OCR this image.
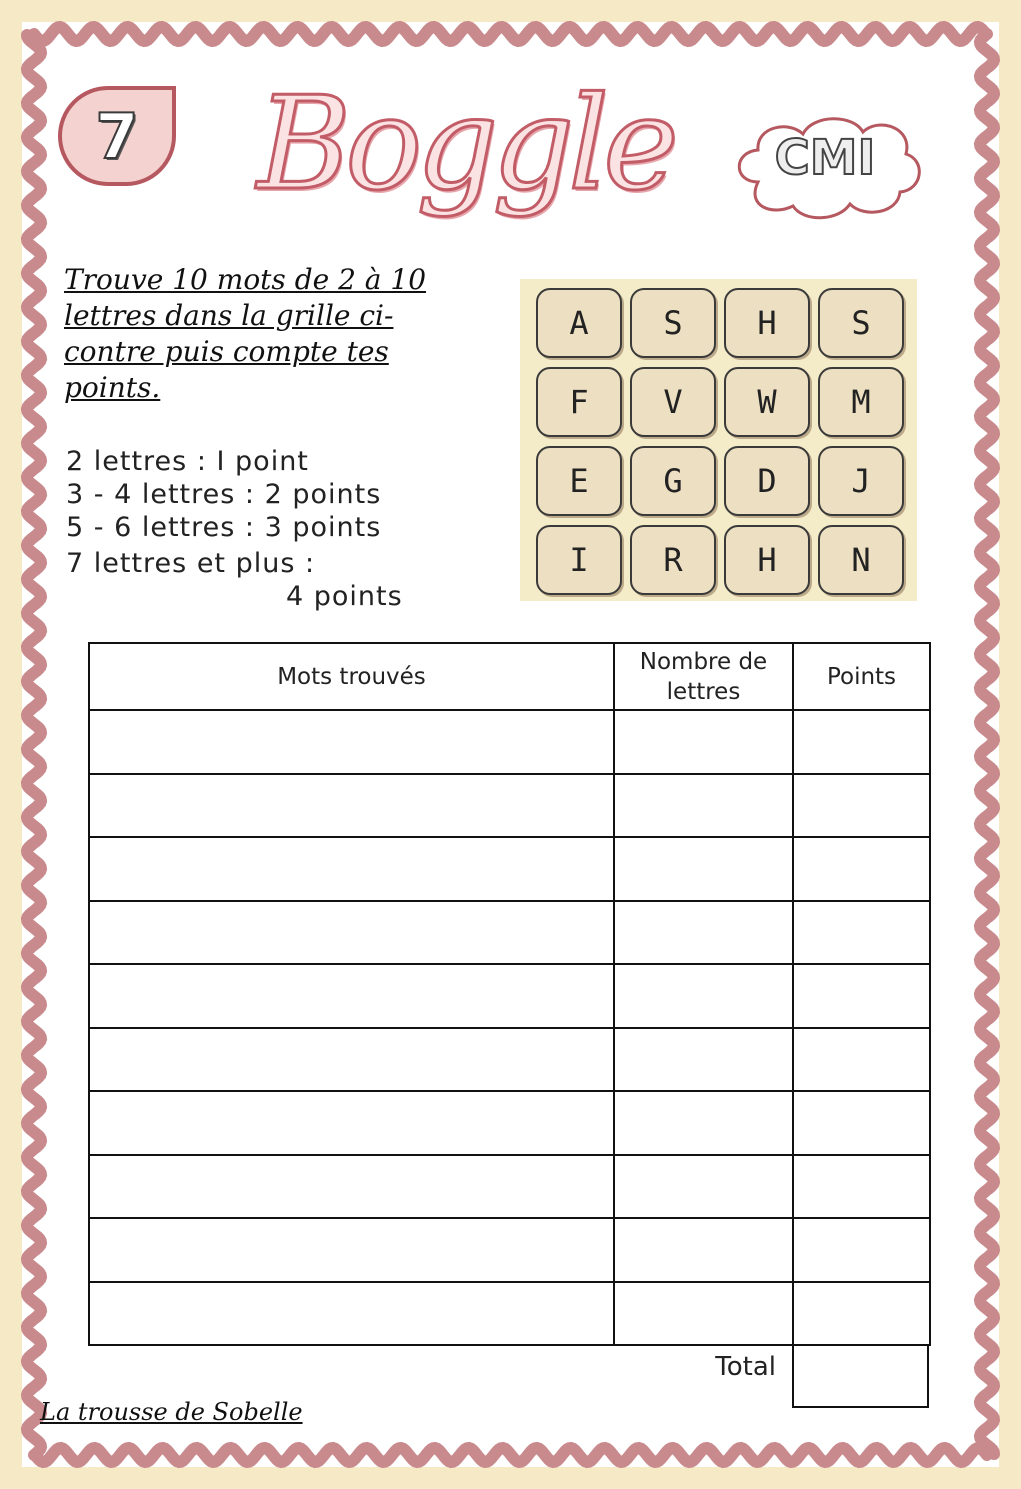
7 Boggle	CMI
Trouve 10 mots de 2 à 10 lettres dans la grille ci-contre puis compte tes points.
2 lettres : I point
3 - 4 lettres : 2 points
5 - 6 lettres : 3 points
7 lettres et plus :
4 points
A	S	H	S
F	V	W	M
E	G	D	J
I	R	H	N
Mots trouvés	Nombre de lettres	Points

Total
La trousse de Sobelle
